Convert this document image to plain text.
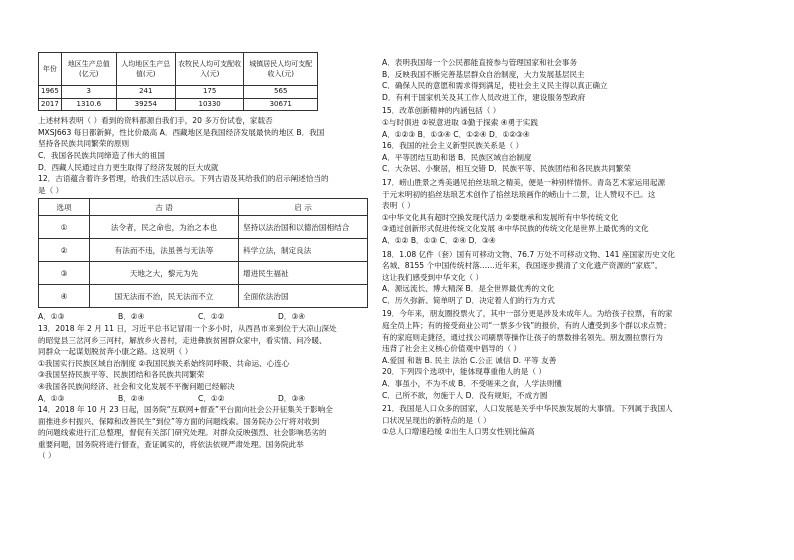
年份	地区生产总值(亿元)	人均地区生产总值(元)	农牧民人均可支配收入(元)	城镇居民人均可支配收入(元)
1965	3	241	175	565
2017	1310.6	39254	10330	30671
上述材料表明（ ）看到的资料都源自我们手，20 多万份试卷，家载否
MXSJ663 每日都新鲜，性比价最高 A．西藏地区是我国经济发展最快的地区 B．我国
坚持各民族共同繁荣的原则
C．我国各民族共同缔造了伟大的祖国
D．西藏人民通过自力更生取得了经济发展的巨大成就
12．古语蕴含着许多哲理，给我们生活以启示。下列古语及其给我们的启示阐述恰当的
是（ ）
选项	古 语	启 示
①	法令者，民之命也，为治之本也	坚持以法治国和以德治国相结合
②	有法而不违，法虽善与无法等	科学立法，制定良法
③	天地之大，黎元为先	增进民生福祉
④	国无法而不治，民无法而不立	全面依法治国
A．①③	B．②④	C．①②	D．③④
13．2018 年 2 月 11 日，习近平总书记冒雨一个多小时，从西昌市来到位于大凉山深处
的昭觉县三岔河乡三河村，解放乡火普村，走进彝族贫困群众家中，看实情、问冷暖、
同群众一起谋划脱贫奔小康之路。这说明（ ）
①我国实行民族区域自治制度 ②我国民族关系始终同呼吸、共命运、心连心
③我国坚持民族平等、民族团结和各民族共同繁荣
④我国各民族间经济、社会和文化发展不平衡问题已经解决
A．①③	B．②④	C．①②	D．③④
14．2018 年 10 月 23 日起，国务院“互联网+督查”平台面向社会公开征集关于影响全
面推进乡村振兴、保障和改善民生“到位”等方面的问题线索。国务院办公厅将对收到
的问题线索进行汇总整理，督促有关部门研究处理。对群众反映强烈、社会影响恶劣的
重要问题，国务院将进行督查，查证属实的，将依法依规严肃处理。国务院此举
（ ）
A．表明我国每一个公民都能直接参与管理国家和社会事务
B．反映我国不断完善基层群众自治制度，大力发展基层民主
C．确保人民的意愿和需求得到满足，使社会主义民主得以真正确立
D．有利于国家机关及其工作人员改进工作，建设服务型政府
15．改革创新精神的内涵包括（ ）
①与时俱进 ②锐意进取 ③勤于探索 ④勇于实践
A．①②③ B．①③④ C．①②④ D．①②③④
16．我国的社会主义新型民族关系是（ ）
A．平等团结互助和谐 B．民族区域自治制度
C．大杂居、小聚居，相互交错 D．民族平等、民族团结和各民族共同繁荣
17．崂山胜景之秀美遇见拍丝珐琅之精美，便是一种别样情怀。青岛艺术家运用起源
于元末明初的掐丝珐琅艺术创作了掐丝珐琅画作的崂山十二景，让人赞叹不已。这
表明（ ）
①中华文化具有超时空换发现代活力 ②要继承和发展所有中华传统文化
③通过创新形式促进传统文化发展 ④中华民族的传统文化是世界上最优秀的文化
A．①② B．①③ C．②④ D．③④
18．1.08 亿件（套）国有可移动文物、76.7 万处不可移动文物、141 座国家历史文化
名城、8155 个中国传统村落……近年来，我国逐步摸清了文化遗产资源的“家底”。
这让我们感受到中华文化（ ）
A．源远流长、博大精深 B．是全世界最优秀的文化
C．历久弥新、简单明了 D．决定着人们的行为方式
19．今年来，朋友圈投票火了，其中一部分更是涉及未成年人。为给孩子拉票，有的家
庭全员上阵；有的接受商业公司“一票多少钱”的报价，有的人遭受到多个群以求点赞；
有的家庭则走捷径，通过找公司刷票等操作让孩子的票数排名领先。朋友圈拉票行为
违背了社会主义核心价值观中倡导的（ ）
A.爱国 和谐 B. 民主 法治 C.公正 诚信 D. 平等 友善
20．下列四个选项中，能体现尊重他人的是（ ）
A．事虽小，不为不成 B．不受嗟来之食，人学法则懂
C．己所不欲，勿施于人 D．没有规矩，不成方圆
21．我国是人口众多的国家，人口发展是关乎中华民族发展的大事情。下列属于我国人
口状况呈现出的新特点的是（ ）
①总人口增速趋缓 ②出生人口男女性别比偏高
